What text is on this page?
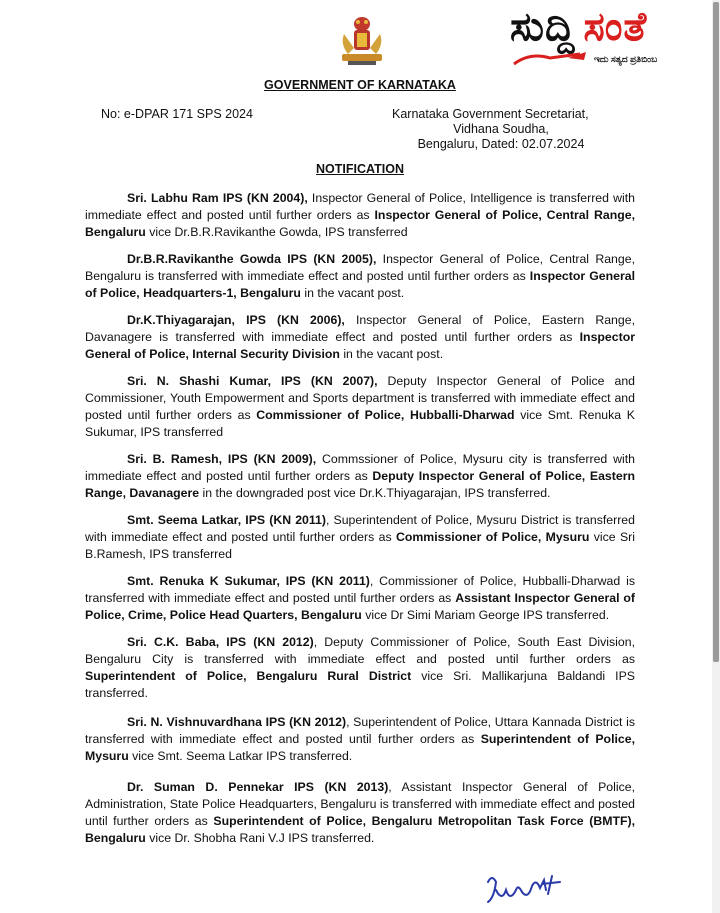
ಸುದ್ದಿ ಸಂತೆ
ಇದು ಸತ್ಯದ ಪ್ರತಿಬಿಂಬ
GOVERNMENT OF KARNATAKA
No: e-DPAR 171 SPS 2024	Karnataka Government Secretariat,
Vidhana Soudha,
Bengaluru, Dated: 02.07.2024
NOTIFICATION

Sri. Labhu Ram IPS (KN 2004), Inspector General of Police, Intelligence is transferred with immediate effect and posted until further orders as Inspector General of Police, Central Range, Bengaluru vice Dr.B.R.Ravikanthe Gowda, IPS transferred

Dr.B.R.Ravikanthe Gowda IPS (KN 2005), Inspector General of Police, Central Range, Bengaluru is transferred with immediate effect and posted until further orders as Inspector General of Police, Headquarters-1, Bengaluru in the vacant post.

Dr.K.Thiyagarajan, IPS (KN 2006), Inspector General of Police, Eastern Range, Davanagere is transferred with immediate effect and posted until further orders as Inspector General of Police, Internal Security Division in the vacant post.

Sri. N. Shashi Kumar, IPS (KN 2007), Deputy Inspector General of Police and Commissioner, Youth Empowerment and Sports department is transferred with immediate effect and posted until further orders as Commissioner of Police, Hubballi-Dharwad vice Smt. Renuka K Sukumar, IPS transferred

Sri. B. Ramesh, IPS (KN 2009), Commssioner of Police, Mysuru city is transferred with immediate effect and posted until further orders as Deputy Inspector General of Police, Eastern Range, Davanagere in the downgraded post vice Dr.K.Thiyagarajan, IPS transferred.

Smt. Seema Latkar, IPS (KN 2011), Superintendent of Police, Mysuru District is transferred with immediate effect and posted until further orders as Commissioner of Police, Mysuru vice Sri B.Ramesh, IPS transferred

Smt. Renuka K Sukumar, IPS (KN 2011), Commissioner of Police, Hubballi-Dharwad is transferred with immediate effect and posted until further orders as Assistant Inspector General of Police, Crime, Police Head Quarters, Bengaluru vice Dr Simi Mariam George IPS transferred.

Sri. C.K. Baba, IPS (KN 2012), Deputy Commissioner of Police, South East Division, Bengaluru City is transferred with immediate effect and posted until further orders as Superintendent of Police, Bengaluru Rural District vice Sri. Mallikarjuna Baldandi IPS transferred.

Sri. N. Vishnuvardhana IPS (KN 2012), Superintendent of Police, Uttara Kannada District is transferred with immediate effect and posted until further orders as Superintendent of Police, Mysuru vice Smt. Seema Latkar IPS transferred.

Dr. Suman D. Pennekar IPS (KN 2013), Assistant Inspector General of Police, Administration, State Police Headquarters, Bengaluru is transferred with immediate effect and posted until further orders as Superintendent of Police, Bengaluru Metropolitan Task Force (BMTF), Bengaluru vice Dr. Shobha Rani V.J IPS transferred.
